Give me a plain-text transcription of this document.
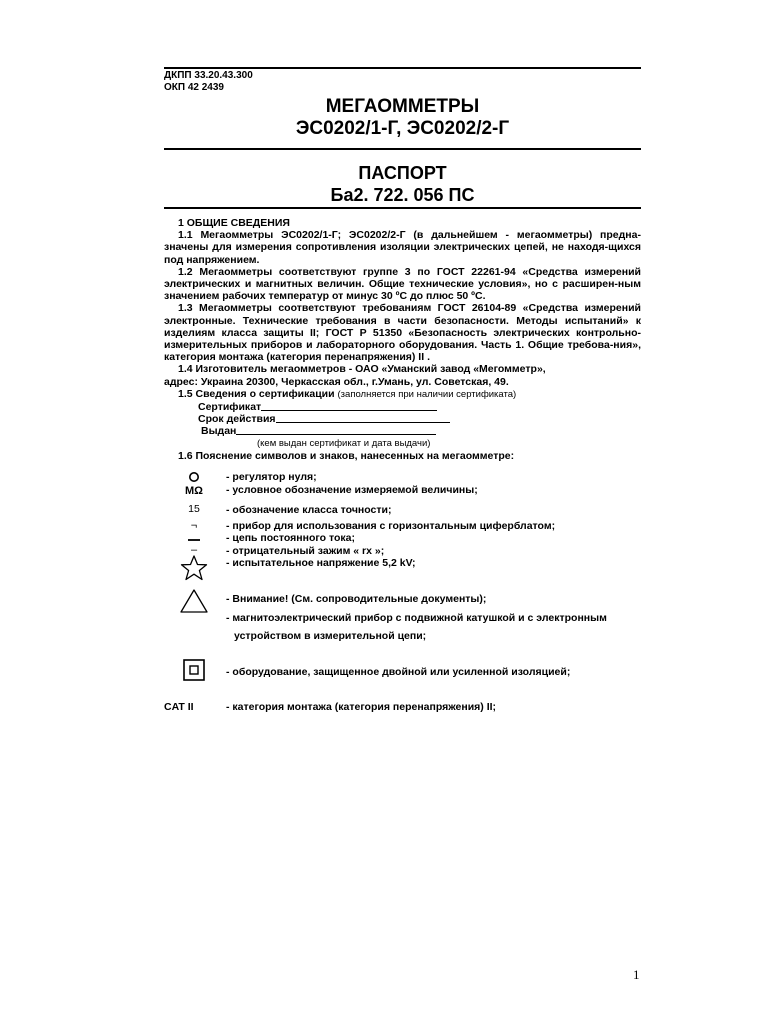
ДКПП 33.20.43.300
ОКП 42 2439
МЕГАОММЕТРЫ
ЭС0202/1-Г, ЭС0202/2-Г
ПАСПОРТ
Ба2. 722. 056 ПС

1 ОБЩИЕ СВЕДЕНИЯ

1.1 Мегаомметры ЭС0202/1-Г; ЭС0202/2-Г (в дальнейшем - мегаомметры) предна-значены для измерения сопротивления изоляции электрических цепей, не находя-щихся под напряжением.

1.2 Мегаомметры соответствуют группе 3 по ГОСТ 22261-94 «Средства измерений электрических и магнитных величин. Общие технические условия», но с расширен-ным значением рабочих температур от минус 30 ºС до плюс 50 ºС.

1.3 Мегаомметры соответствуют требованиям ГОСТ 26104-89 «Средства измерений электронные. Технические требования в части безопасности. Методы испытаний» к изделиям класса защиты II; ГОСТ Р 51350 «Безопасность электрических контрольно-измерительных приборов и лабораторного оборудования. Часть 1. Общие требова-ния», категория монтажа (категория перенапряжения) II .

1.4 Изготовитель мегаомметров - ОАО «Уманский завод «Мегомметр»,

адрес: Украина 20300, Черкасская обл., г.Умань, ул. Советская, 49.

1.5 Сведения о сертификации (заполняется при наличии сертификата)

Сертификат

Срок действия

Выдан

(кем выдан сертификат и дата выдачи)

1.6 Пояснение символов и знаков, нанесенных на мегаомметре:

- регулятор нуля;
MΩ	- условное обозначение измеряемой величины;
15	- обозначение класса точности;
¬	- прибор для использования с горизонтальным циферблатом;
- цепь постоянного тока;
–	- отрицательный зажим « rx »;
- испытательное напряжение 5,2 kV;
- Внимание! (См. сопроводительные документы);
- магнитоэлектрический прибор с подвижной катушкой и с электронным
устройством в измерительной цепи;
- оборудование, защищенное двойной или усиленной изоляцией;
CAT II	- категория монтажа (категория перенапряжения) II;
1
